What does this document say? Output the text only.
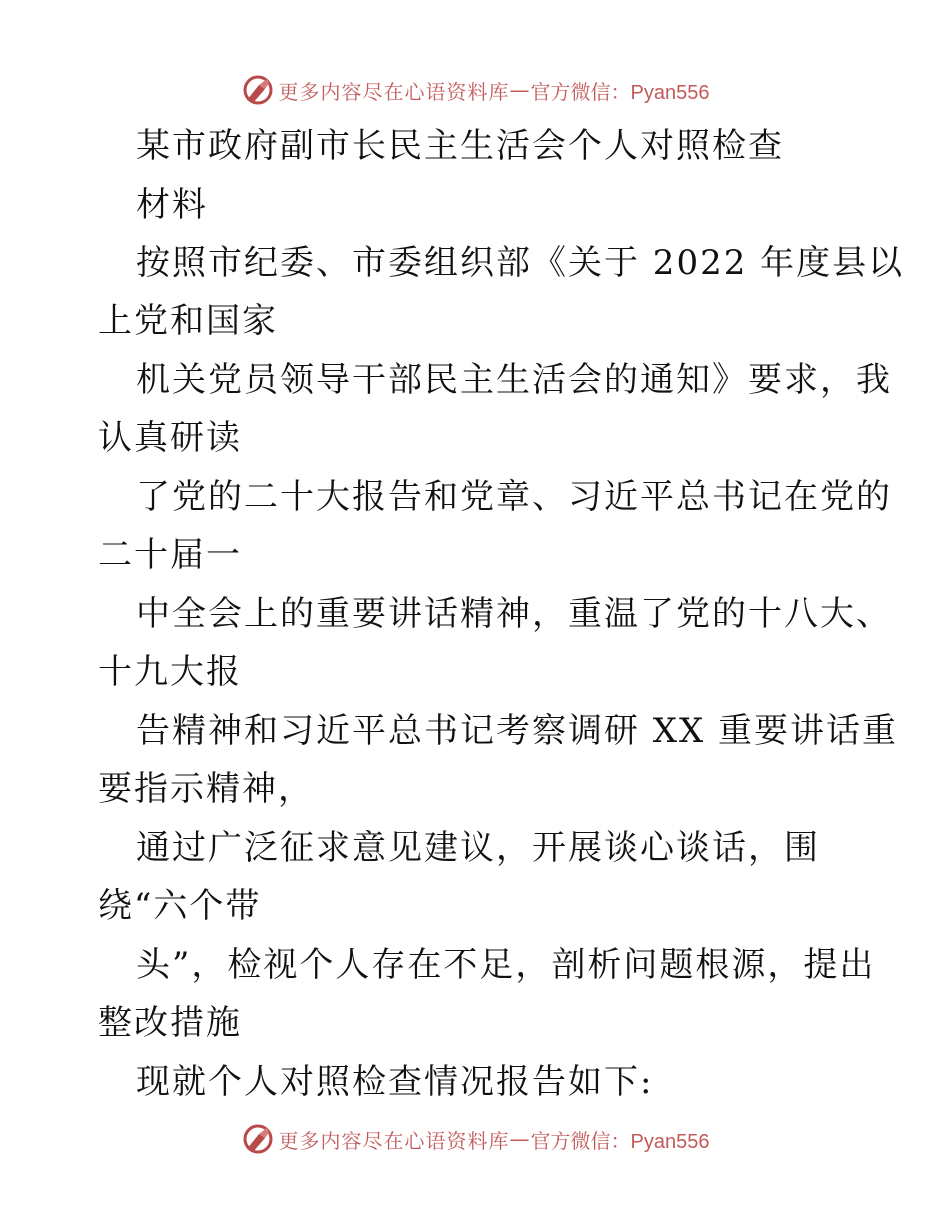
更多内容尽在心语资料库 — 官方微信：Pyan556
某市政府副市长民主生活会个人对照检查
材料
按照市纪委、市委组织部《关于 2022 年度县以
上党和国家
机关党员领导干部民主生活会的通知》要求，我
认真研读
了党的二十大报告和党章、习近平总书记在党的
二十届一
中全会上的重要讲话精神，重温了党的十八大、
十九大报
告精神和习近平总书记考察调研 XX 重要讲话重
要指示精神，
通过广泛征求意见建议，开展谈心谈话，围
绕“六个带
头”，检视个人存在不足，剖析问题根源，提出
整改措施
现就个人对照检查情况报告如下:
更多内容尽在心语资料库 — 官方微信：Pyan556
